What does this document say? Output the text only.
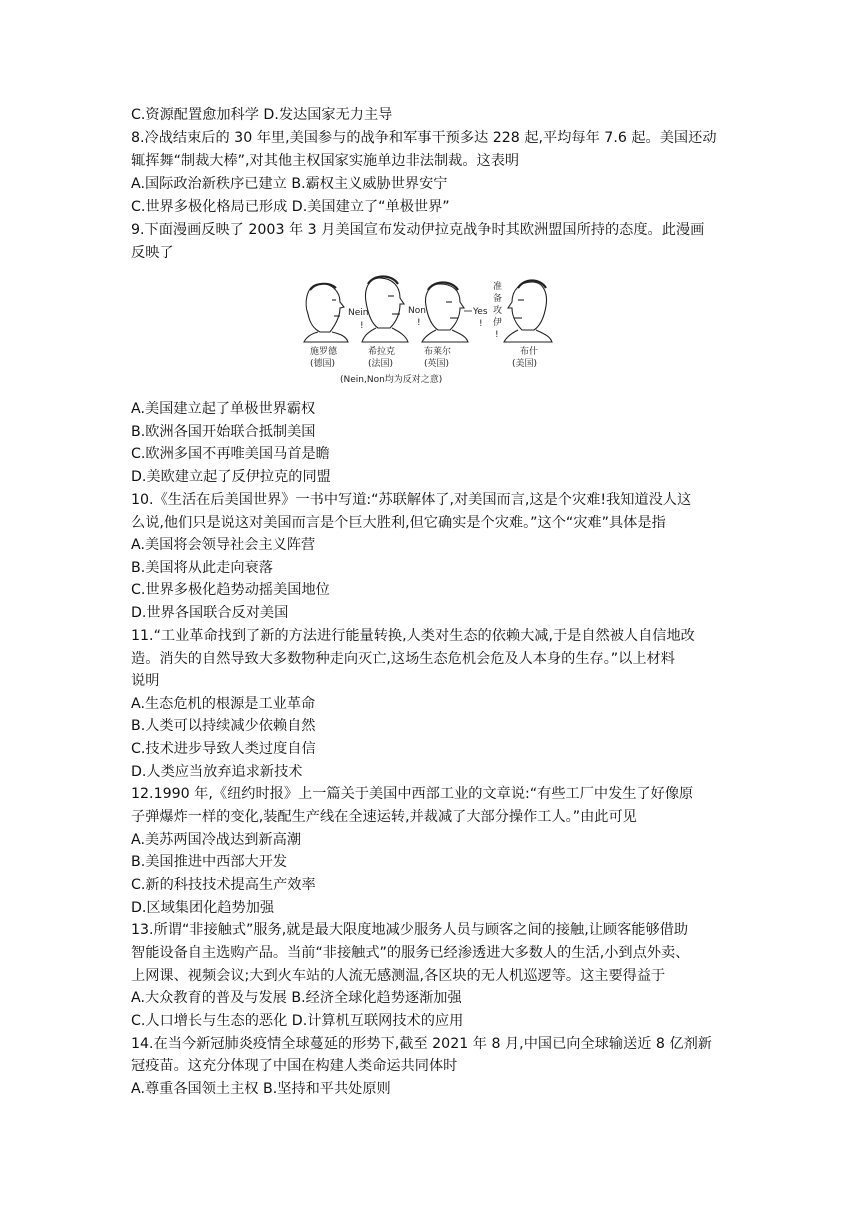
C.资源配置愈加科学 D.发达国家无力主导
8.冷战结束后的 30 年里,美国参与的战争和军事干预多达 228 起,平均每年 7.6 起。美国还动
辄挥舞“制裁大棒”,对其他主权国家实施单边非法制裁。这表明
A.国际政治新秩序已建立 B.霸权主义威胁世界安宁
C.世界多极化格局已形成 D.美国建立了“单极世界”
9.下面漫画反映了 2003 年 3 月美国宣布发动伊拉克战争时其欧洲盟国所持的态度。此漫画
反映了
Nein
!
Non
!
Yes
!
准
备
攻
伊
!
施罗德
(德国)
希拉克
(法国)
布莱尔
(英国)
布什
(美国)
(Nein,Non均为反对之意)
A.美国建立起了单极世界霸权
B.欧洲各国开始联合抵制美国
C.欧洲多国不再唯美国马首是瞻
D.美欧建立起了反伊拉克的同盟
10.《生活在后美国世界》一书中写道:“苏联解体了,对美国而言,这是个灾难!我知道没人这
么说,他们只是说这对美国而言是个巨大胜利,但它确实是个灾难。”这个“灾难”具体是指
A.美国将会领导社会主义阵营
B.美国将从此走向衰落
C.世界多极化趋势动摇美国地位
D.世界各国联合反对美国
11.“工业革命找到了新的方法进行能量转换,人类对生态的依赖大减,于是自然被人自信地改
造。消失的自然导致大多数物种走向灭亡,这场生态危机会危及人本身的生存。”以上材料
说明
A.生态危机的根源是工业革命
B.人类可以持续减少依赖自然
C.技术进步导致人类过度自信
D.人类应当放弃追求新技术
12.1990 年,《纽约时报》上一篇关于美国中西部工业的文章说:“有些工厂中发生了好像原
子弹爆炸一样的变化,装配生产线在全速运转,并裁减了大部分操作工人。”由此可见
A.美苏两国冷战达到新高潮
B.美国推进中西部大开发
C.新的科技技术提高生产效率
D.区域集团化趋势加强
13.所谓“非接触式”服务,就是最大限度地减少服务人员与顾客之间的接触,让顾客能够借助
智能设备自主选购产品。当前“非接触式”的服务已经渗透进大多数人的生活,小到点外卖、
上网课、视频会议;大到火车站的人流无感测温,各区块的无人机巡逻等。这主要得益于
A.大众教育的普及与发展 B.经济全球化趋势逐渐加强
C.人口增长与生态的恶化 D.计算机互联网技术的应用
14.在当今新冠肺炎疫情全球蔓延的形势下,截至 2021 年 8 月,中国已向全球输送近 8 亿剂新
冠疫苗。这充分体现了中国在构建人类命运共同体时
A.尊重各国领土主权 B.坚持和平共处原则
